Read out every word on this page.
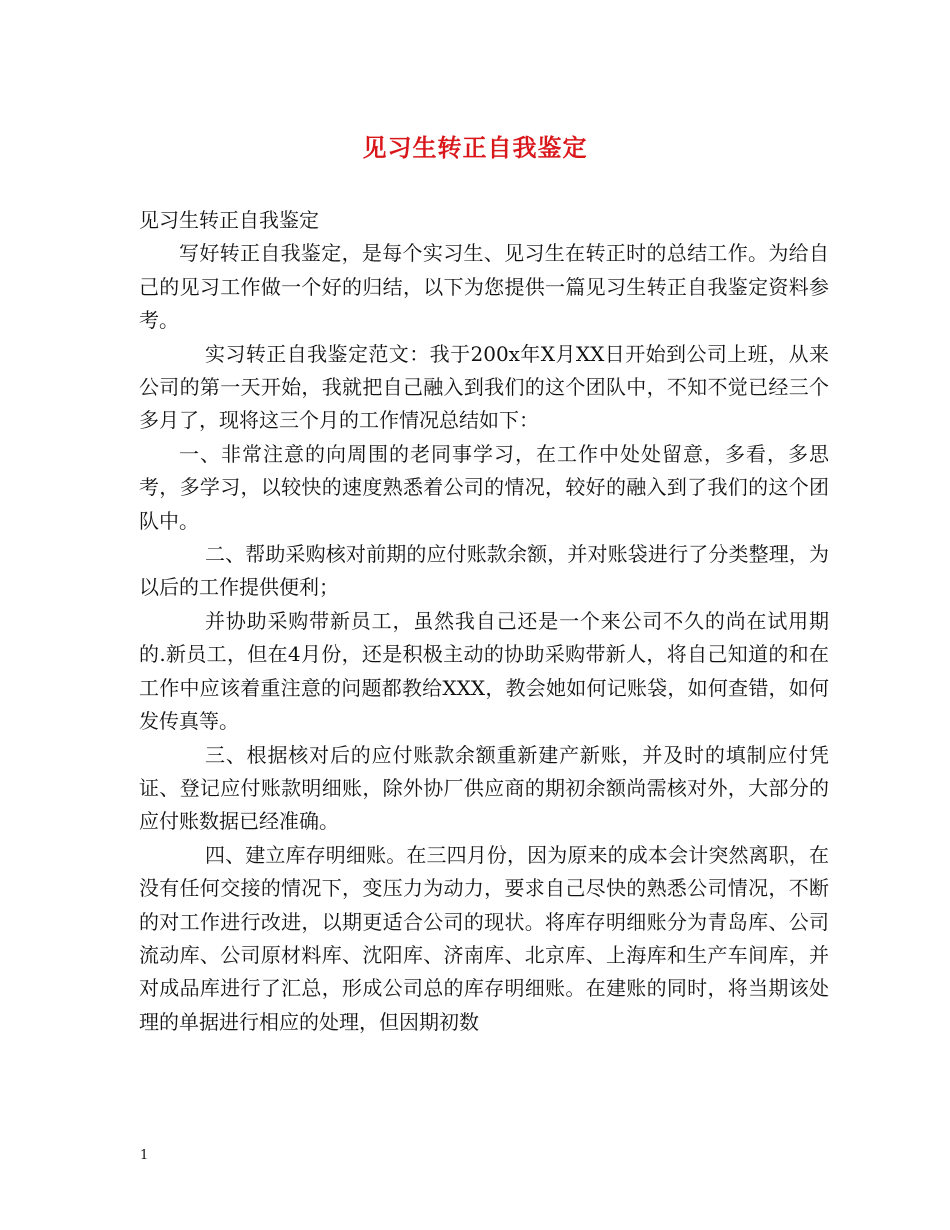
见习生转正自我鉴定

见习生转正自我鉴定

写好转正自我鉴定，是每个实习生、见习生在转正时的总结工作。为给自己的见习工作做一个好的归结，以下为您提供一篇见习生转正自我鉴定资料参考。

实习转正自我鉴定范文：我于200x年X月XX日开始到公司上班，从来公司的第一天开始，我就把自己融入到我们的这个团队中，不知不觉已经三个多月了，现将这三个月的工作情况总结如下：

一、非常注意的向周围的老同事学习，在工作中处处留意，多看，多思考，多学习，以较快的速度熟悉着公司的情况，较好的融入到了我们的这个团队中。

二、帮助采购核对前期的应付账款余额，并对账袋进行了分类整理，为以后的工作提供便利；

并协助采购带新员工，虽然我自己还是一个来公司不久的尚在试用期的.新员工，但在4月份，还是积极主动的协助采购带新人，将自己知道的和在工作中应该着重注意的问题都教给XXX，教会她如何记账袋，如何查错，如何发传真等。

三、根据核对后的应付账款余额重新建产新账，并及时的填制应付凭证、登记应付账款明细账，除外协厂供应商的期初余额尚需核对外，大部分的应付账数据已经准确。

四、建立库存明细账。在三四月份，因为原来的成本会计突然离职，在没有任何交接的情况下，变压力为动力，要求自己尽快的熟悉公司情况，不断的对工作进行改进，以期更适合公司的现状。将库存明细账分为青岛库、公司流动库、公司原材料库、沈阳库、济南库、北京库、上海库和生产车间库，并对成品库进行了汇总，形成公司总的库存明细账。在建账的同时，将当期该处理的单据进行相应的处理，但因期初数

1
